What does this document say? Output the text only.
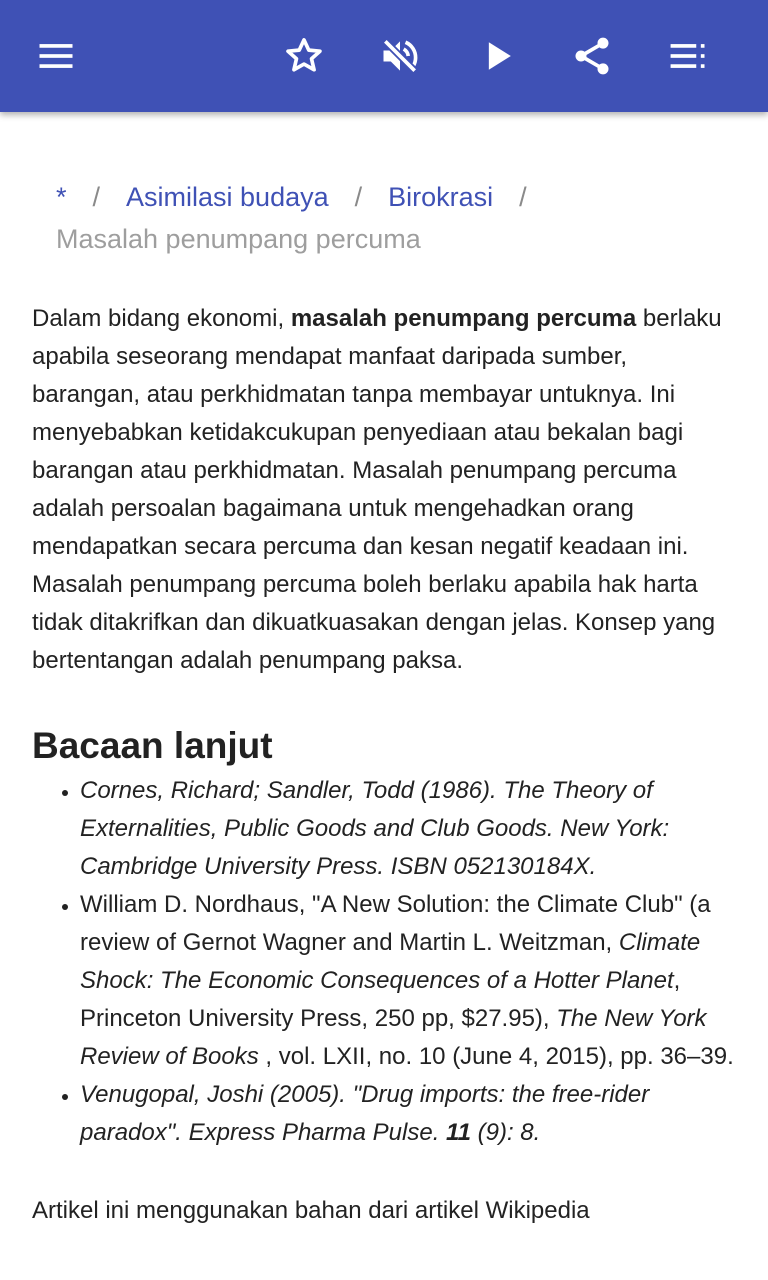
* / Asimilasi budaya / Birokrasi /
Masalah penumpang percuma

Dalam bidang ekonomi, masalah penumpang percuma berlaku apabila seseorang mendapat manfaat daripada sumber, barangan, atau perkhidmatan tanpa membayar untuknya. Ini menyebabkan ketidakcukupan penyediaan atau bekalan bagi barangan atau perkhidmatan. Masalah penumpang percuma adalah persoalan bagaimana untuk mengehadkan orang mendapatkan secara percuma dan kesan negatif keadaan ini. Masalah penumpang percuma boleh berlaku apabila hak harta tidak ditakrifkan dan dikuatkuasakan dengan jelas. Konsep yang bertentangan adalah penumpang paksa.

Bacaan lanjut
• Cornes, Richard; Sandler, Todd (1986). The Theory of Externalities, Public Goods and Club Goods. New York: Cambridge University Press. ISBN 052130184X.
• William D. Nordhaus, "A New Solution: the Climate Club" (a review of Gernot Wagner and Martin L. Weitzman, Climate Shock: The Economic Consequences of a Hotter Planet, Princeton University Press, 250 pp, $27.95), The New York Review of Books , vol. LXII, no. 10 (June 4, 2015), pp. 36–39.
• Venugopal, Joshi (2005). "Drug imports: the free-rider paradox". Express Pharma Pulse. 11 (9): 8.

Artikel ini menggunakan bahan dari artikel Wikipedia
